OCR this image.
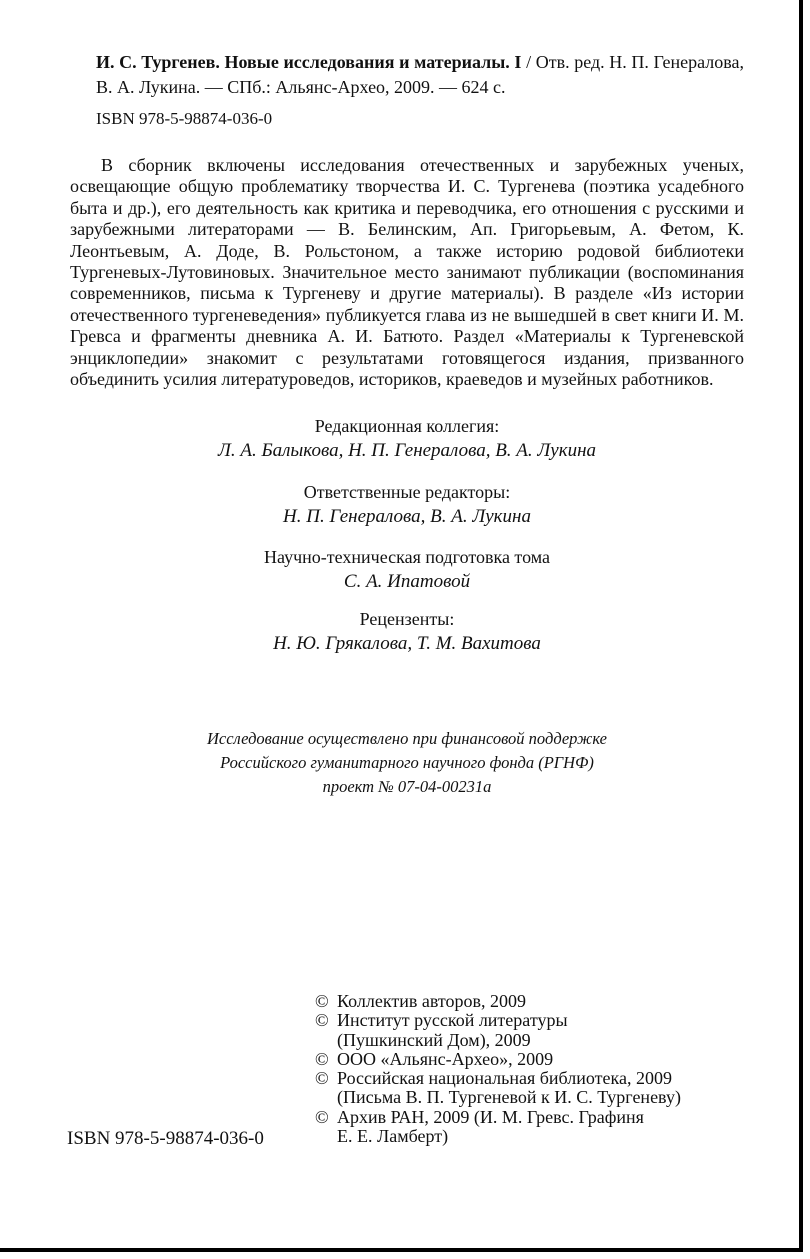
И. С. Тургенев. Новые исследования и материалы. I / Отв. ред. Н. П. Генералова, В. А. Лукина. — СПб.: Альянс-Архео, 2009. — 624 с.
ISBN 978-5-98874-036-0

В сборник включены исследования отечественных и зарубежных ученых, освещающие общую проблематику творчества И. С. Тургенева (поэтика усадебного быта и др.), его деятельность как критика и переводчика, его отношения с русскими и зарубежными литераторами — В. Белинским, Ап. Григорьевым, А. Фетом, К. Леонтьевым, А. Доде, В. Рольстоном, а также историю родовой библиотеки Тургеневых-Лутовиновых. Значительное место занимают публикации (воспоминания современников, письма к Тургеневу и другие материалы). В разделе «Из истории отечественного тургеневедения» публикуется глава из не вышедшей в свет книги И. М. Гревса и фрагменты дневника А. И. Батюто. Раздел «Материалы к Тургеневской энциклопедии» знакомит с результатами готовящегося издания, призванного объединить усилия литературоведов, историков, краеведов и музейных работников.

Редакционная коллегия:
Л. А. Балыкова, Н. П. Генералова, В. А. Лукина
Ответственные редакторы:
Н. П. Генералова, В. А. Лукина
Научно-техническая подготовка тома
С. А. Ипатовой
Рецензенты:
Н. Ю. Грякалова, Т. М. Вахитова
Исследование осуществлено при финансовой поддержке
Российского гуманитарного научного фонда (РГНФ)
проект № 07-04-00231а
© Коллектив авторов, 2009
© Институт русской литературы
(Пушкинский Дом), 2009
© ООО «Альянс-Архео», 2009
© Российская национальная библиотека, 2009
(Письма В. П. Тургеневой к И. С. Тургеневу)
© Архив РАН, 2009 (И. М. Гревс. Графиня
Е. Е. Ламберт)
ISBN 978-5-98874-036-0
